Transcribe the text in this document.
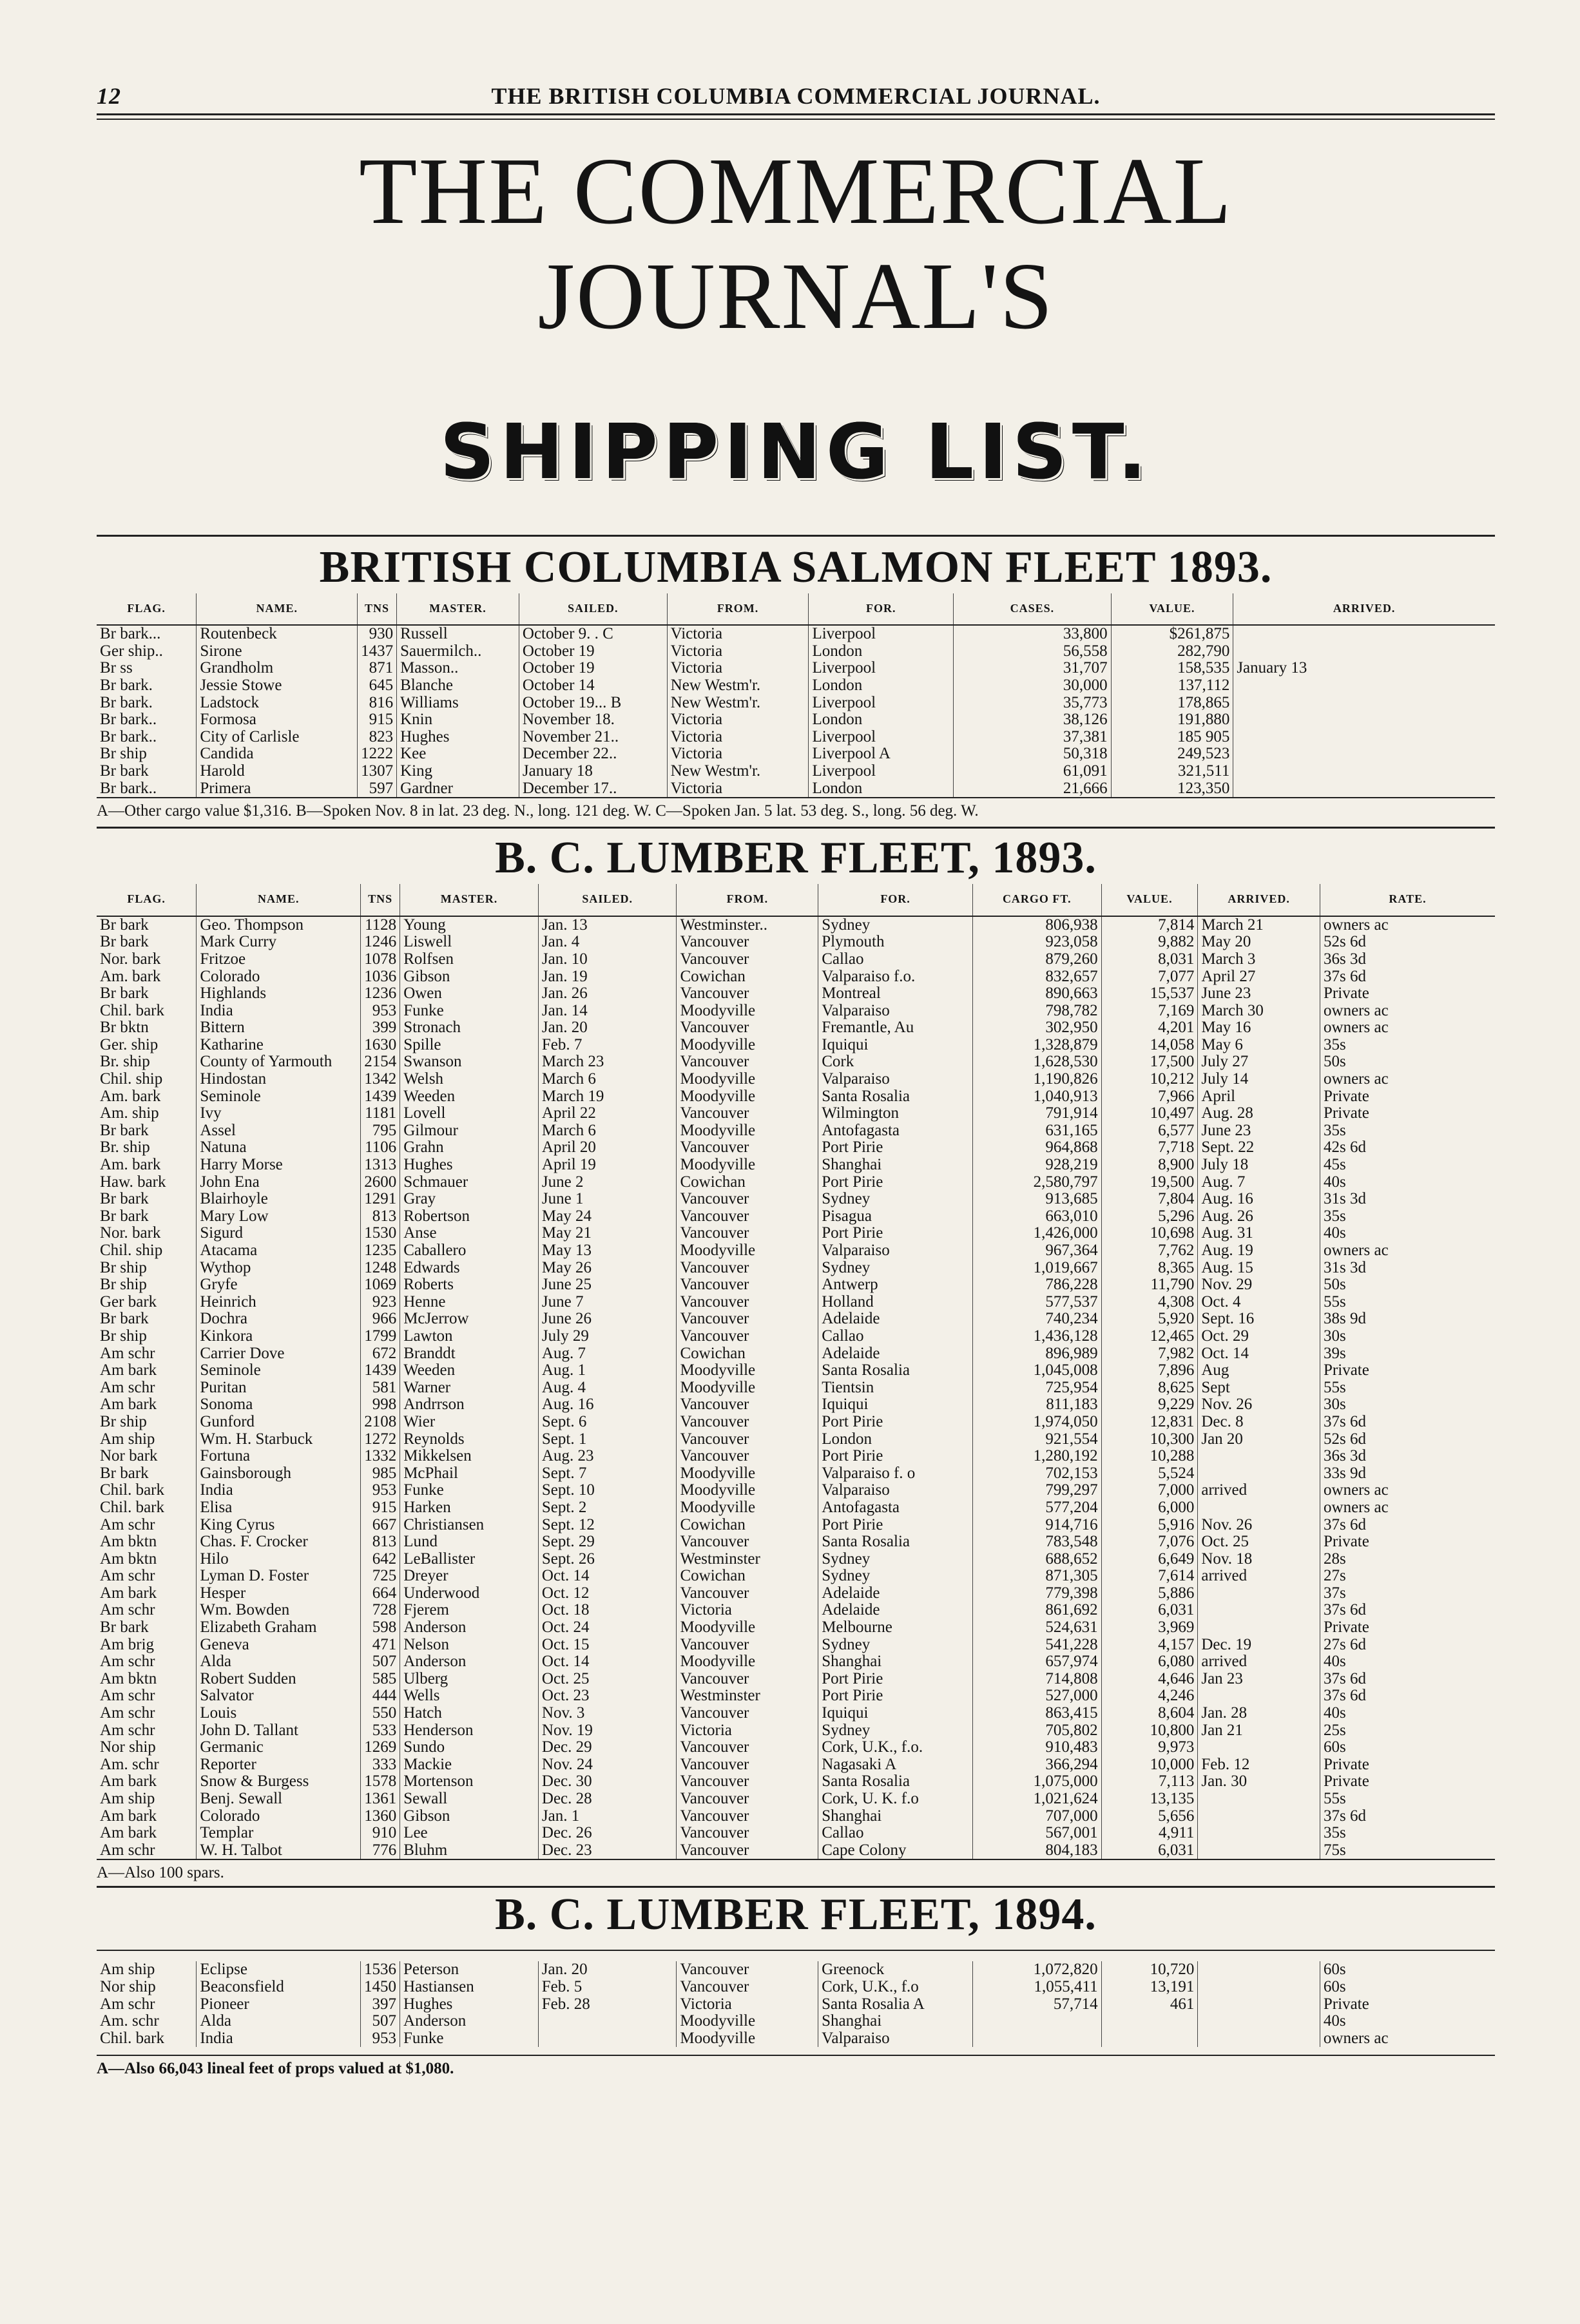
12	THE BRITISH COLUMBIA COMMERCIAL JOURNAL.
THE COMMERCIAL JOURNAL'S
SHIPPING LIST.
BRITISH COLUMBIA SALMON FLEET 1893.
FLAG.	NAME.	TNS	MASTER.	SAILED.	FROM.	FOR.	CASES.	VALUE.	ARRIVED.
Br bark...	Routenbeck	930	Russell	October 9. . C	Victoria	Liverpool	33,800	$261,875	
Ger ship..	Sirone	1437	Sauermilch..	October 19	Victoria	London	56,558	282,790	
Br ss	Grandholm	871	Masson..	October 19	Victoria	Liverpool	31,707	158,535	January 13
Br bark.	Jessie Stowe	645	Blanche	October 14	New Westm'r.	London	30,000	137,112	
Br bark.	Ladstock	816	Williams	October 19... B	New Westm'r.	Liverpool	35,773	178,865	
Br bark..	Formosa	915	Knin	November 18.	Victoria	London	38,126	191,880	
Br bark..	City of Carlisle	823	Hughes	November 21..	Victoria	Liverpool	37,381	185 905	
Br ship	Candida	1222	Kee	December 22..	Victoria	Liverpool A	50,318	249,523	
Br bark	Harold	1307	King	January 18	New Westm'r.	Liverpool	61,091	321,511	
Br bark..	Primera	597	Gardner	December 17..	Victoria	London	21,666	123,350	
A—Other cargo value $1,316. B—Spoken Nov. 8 in lat. 23 deg. N., long. 121 deg. W. C—Spoken Jan. 5 lat. 53 deg. S., long. 56 deg. W.
B. C. LUMBER FLEET, 1893.
FLAG.	NAME.	TNS	MASTER.	SAILED.	FROM.	FOR.	CARGO FT.	VALUE.	ARRIVED.	RATE.
Br bark	Geo. Thompson	1128	Young	Jan. 13	Westminster..	Sydney	806,938	7,814	March 21	owners ac
Br bark	Mark Curry	1246	Liswell	Jan. 4	Vancouver	Plymouth	923,058	9,882	May 20	52s 6d
Nor. bark	Fritzoe	1078	Rolfsen	Jan. 10	Vancouver	Callao	879,260	8,031	March 3	36s 3d
Am. bark	Colorado	1036	Gibson	Jan. 19	Cowichan	Valparaiso f.o.	832,657	7,077	April 27	37s 6d
Br bark	Highlands	1236	Owen	Jan. 26	Vancouver	Montreal	890,663	15,537	June 23	Private
Chil. bark	India	953	Funke	Jan. 14	Moodyville	Valparaiso	798,782	7,169	March 30	owners ac
Br bktn	Bittern	399	Stronach	Jan. 20	Vancouver	Fremantle, Au	302,950	4,201	May 16	owners ac
Ger. ship	Katharine	1630	Spille	Feb. 7	Moodyville	Iquiqui	1,328,879	14,058	May 6	35s
Br. ship	County of Yarmouth	2154	Swanson	March 23	Vancouver	Cork	1,628,530	17,500	July 27	50s
Chil. ship	Hindostan	1342	Welsh	March 6	Moodyville	Valparaiso	1,190,826	10,212	July 14	owners ac
Am. bark	Seminole	1439	Weeden	March 19	Moodyville	Santa Rosalia	1,040,913	7,966	April	Private
Am. ship	Ivy	1181	Lovell	April 22	Vancouver	Wilmington	791,914	10,497	Aug. 28	Private
Br bark	Assel	795	Gilmour	March 6	Moodyville	Antofagasta	631,165	6,577	June 23	35s
Br. ship	Natuna	1106	Grahn	April 20	Vancouver	Port Pirie	964,868	7,718	Sept. 22	42s 6d
Am. bark	Harry Morse	1313	Hughes	April 19	Moodyville	Shanghai	928,219	8,900	July 18	45s
Haw. bark	John Ena	2600	Schmauer	June 2	Cowichan	Port Pirie	2,580,797	19,500	Aug. 7	40s
Br bark	Blairhoyle	1291	Gray	June 1	Vancouver	Sydney	913,685	7,804	Aug. 16	31s 3d
Br bark	Mary Low	813	Robertson	May 24	Vancouver	Pisagua	663,010	5,296	Aug. 26	35s
Nor. bark	Sigurd	1530	Anse	May 21	Vancouver	Port Pirie	1,426,000	10,698	Aug. 31	40s
Chil. ship	Atacama	1235	Caballero	May 13	Moodyville	Valparaiso	967,364	7,762	Aug. 19	owners ac
Br ship	Wythop	1248	Edwards	May 26	Vancouver	Sydney	1,019,667	8,365	Aug. 15	31s 3d
Br ship	Gryfe	1069	Roberts	June 25	Vancouver	Antwerp	786,228	11,790	Nov. 29	50s
Ger bark	Heinrich	923	Henne	June 7	Vancouver	Holland	577,537	4,308	Oct. 4	55s
Br bark	Dochra	966	McJerrow	June 26	Vancouver	Adelaide	740,234	5,920	Sept. 16	38s 9d
Br ship	Kinkora	1799	Lawton	July 29	Vancouver	Callao	1,436,128	12,465	Oct. 29	30s
Am schr	Carrier Dove	672	Branddt	Aug. 7	Cowichan	Adelaide	896,989	7,982	Oct. 14	39s
Am bark	Seminole	1439	Weeden	Aug. 1	Moodyville	Santa Rosalia	1,045,008	7,896	Aug	Private
Am schr	Puritan	581	Warner	Aug. 4	Moodyville	Tientsin	725,954	8,625	Sept	55s
Am bark	Sonoma	998	Andrrson	Aug. 16	Vancouver	Iquiqui	811,183	9,229	Nov. 26	30s
Br ship	Gunford	2108	Wier	Sept. 6	Vancouver	Port Pirie	1,974,050	12,831	Dec. 8	37s 6d
Am ship	Wm. H. Starbuck	1272	Reynolds	Sept. 1	Vancouver	London	921,554	10,300	Jan 20	52s 6d
Nor bark	Fortuna	1332	Mikkelsen	Aug. 23	Vancouver	Port Pirie	1,280,192	10,288		36s 3d
Br bark	Gainsborough	985	McPhail	Sept. 7	Moodyville	Valparaiso f. o	702,153	5,524		33s 9d
Chil. bark	India	953	Funke	Sept. 10	Moodyville	Valparaiso	799,297	7,000	arrived	owners ac
Chil. bark	Elisa	915	Harken	Sept. 2	Moodyville	Antofagasta	577,204	6,000		owners ac
Am schr	King Cyrus	667	Christiansen	Sept. 12	Cowichan	Port Pirie	914,716	5,916	Nov. 26	37s 6d
Am bktn	Chas. F. Crocker	813	Lund	Sept. 29	Vancouver	Santa Rosalia	783,548	7,076	Oct. 25	Private
Am bktn	Hilo	642	LeBallister	Sept. 26	Westminster	Sydney	688,652	6,649	Nov. 18	28s
Am schr	Lyman D. Foster	725	Dreyer	Oct. 14	Cowichan	Sydney	871,305	7,614	arrived	27s
Am bark	Hesper	664	Underwood	Oct. 12	Vancouver	Adelaide	779,398	5,886		37s
Am schr	Wm. Bowden	728	Fjerem	Oct. 18	Victoria	Adelaide	861,692	6,031		37s 6d
Br bark	Elizabeth Graham	598	Anderson	Oct. 24	Moodyville	Melbourne	524,631	3,969		Private
Am brig	Geneva	471	Nelson	Oct. 15	Vancouver	Sydney	541,228	4,157	Dec. 19	27s 6d
Am schr	Alda	507	Anderson	Oct. 14	Moodyville	Shanghai	657,974	6,080	arrived	40s
Am bktn	Robert Sudden	585	Ulberg	Oct. 25	Vancouver	Port Pirie	714,808	4,646	Jan 23	37s 6d
Am schr	Salvator	444	Wells	Oct. 23	Westminster	Port Pirie	527,000	4,246		37s 6d
Am schr	Louis	550	Hatch	Nov. 3	Vancouver	Iquiqui	863,415	8,604	Jan. 28	40s
Am schr	John D. Tallant	533	Henderson	Nov. 19	Victoria	Sydney	705,802	10,800	Jan 21	25s
Nor ship	Germanic	1269	Sundo	Dec. 29	Vancouver	Cork, U.K., f.o.	910,483	9,973		60s
Am. schr	Reporter	333	Mackie	Nov. 24	Vancouver	Nagasaki A	366,294	10,000	Feb. 12	Private
Am bark	Snow & Burgess	1578	Mortenson	Dec. 30	Vancouver	Santa Rosalia	1,075,000	7,113	Jan. 30	Private
Am ship	Benj. Sewall	1361	Sewall	Dec. 28	Vancouver	Cork, U. K. f.o	1,021,624	13,135		55s
Am bark	Colorado	1360	Gibson	Jan. 1	Vancouver	Shanghai	707,000	5,656		37s 6d
Am bark	Templar	910	Lee	Dec. 26	Vancouver	Callao	567,001	4,911		35s
Am schr	W. H. Talbot	776	Bluhm	Dec. 23	Vancouver	Cape Colony	804,183	6,031		75s
A—Also 100 spars.
B. C. LUMBER FLEET, 1894.
Am ship	Eclipse	1536	Peterson	Jan. 20	Vancouver	Greenock	1,072,820	10,720		60s
Nor ship	Beaconsfield	1450	Hastiansen	Feb. 5	Vancouver	Cork, U.K., f.o	1,055,411	13,191		60s
Am schr	Pioneer	397	Hughes	Feb. 28	Victoria	Santa Rosalia A	57,714	461		Private
Am. schr	Alda	507	Anderson		Moodyville	Shanghai				40s
Chil. bark	India	953	Funke		Moodyville	Valparaiso				owners ac
A—Also 66,043 lineal feet of props valued at $1,080.
